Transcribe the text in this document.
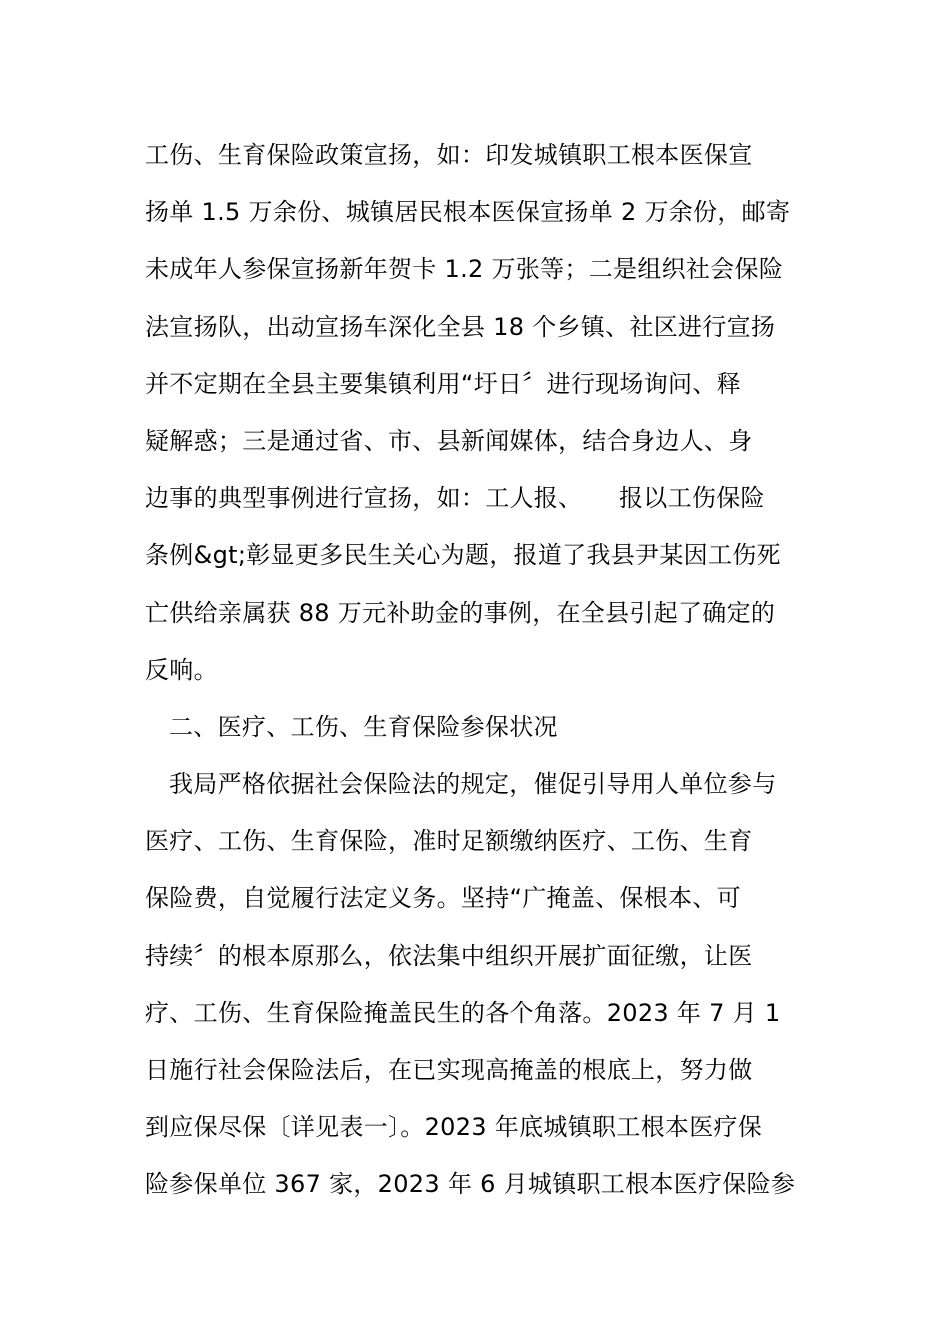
工伤、生育保险政策宣扬，如：印发城镇职工根本医保宣
扬单 1.5 万余份、城镇居民根本医保宣扬单 2 万余份，邮寄
未成年人参保宣扬新年贺卡 1.2 万张等；二是组织社会保险
法宣扬队，出动宣扬车深化全县 18 个乡镇、社区进行宣扬
并不定期在全县主要集镇利用“圩日〞进行现场询问、释
疑解惑；三是通过省、市、县新闻媒体，结合身边人、身
边事的典型事例进行宣扬，如：工人报、　　报以工伤保险
条例&gt;彰显更多民生关心为题，报道了我县尹某因工伤死
亡供给亲属获 88 万元补助金的事例，在全县引起了确定的
反响。
二、医疗、工伤、生育保险参保状况
我局严格依据社会保险法的规定，催促引导用人单位参与
医疗、工伤、生育保险，准时足额缴纳医疗、工伤、生育
保险费，自觉履行法定义务。坚持“广掩盖、保根本、可
持续〞的根本原那么，依法集中组织开展扩面征缴，让医
疗、工伤、生育保险掩盖民生的各个角落。2023 年 7 月 1
日施行社会保险法后，在已实现高掩盖的根底上，努力做
到应保尽保〔详见表一〕。2023 年底城镇职工根本医疗保
险参保单位 367 家，2023 年 6 月城镇职工根本医疗保险参
